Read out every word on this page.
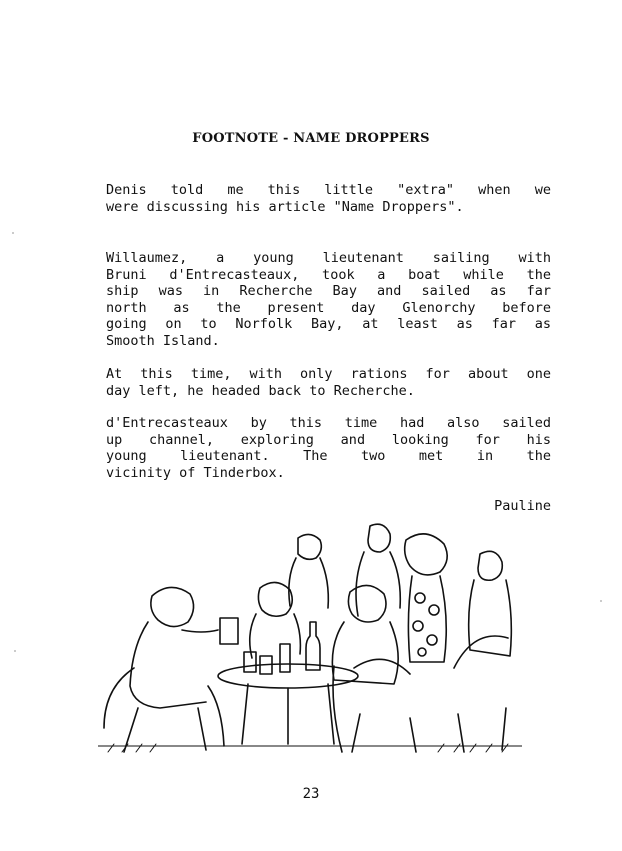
FOOTNOTE - NAME DROPPERS
Denis told me this little "extra" when we
were discussing his article "Name Droppers".
Willaumez, a young lieutenant sailing with
Bruni d'Entrecasteaux, took a boat while the
ship was in Recherche Bay and sailed as far
north as the present day Glenorchy before
going on to Norfolk Bay, at least as far as
Smooth Island.
At this time, with only rations for about one
day left, he headed back to Recherche.
d'Entrecasteaux by this time had also sailed
up channel, exploring and looking for his
young lieutenant. The two met in the
vicinity of Tinderbox.
Pauline
23
